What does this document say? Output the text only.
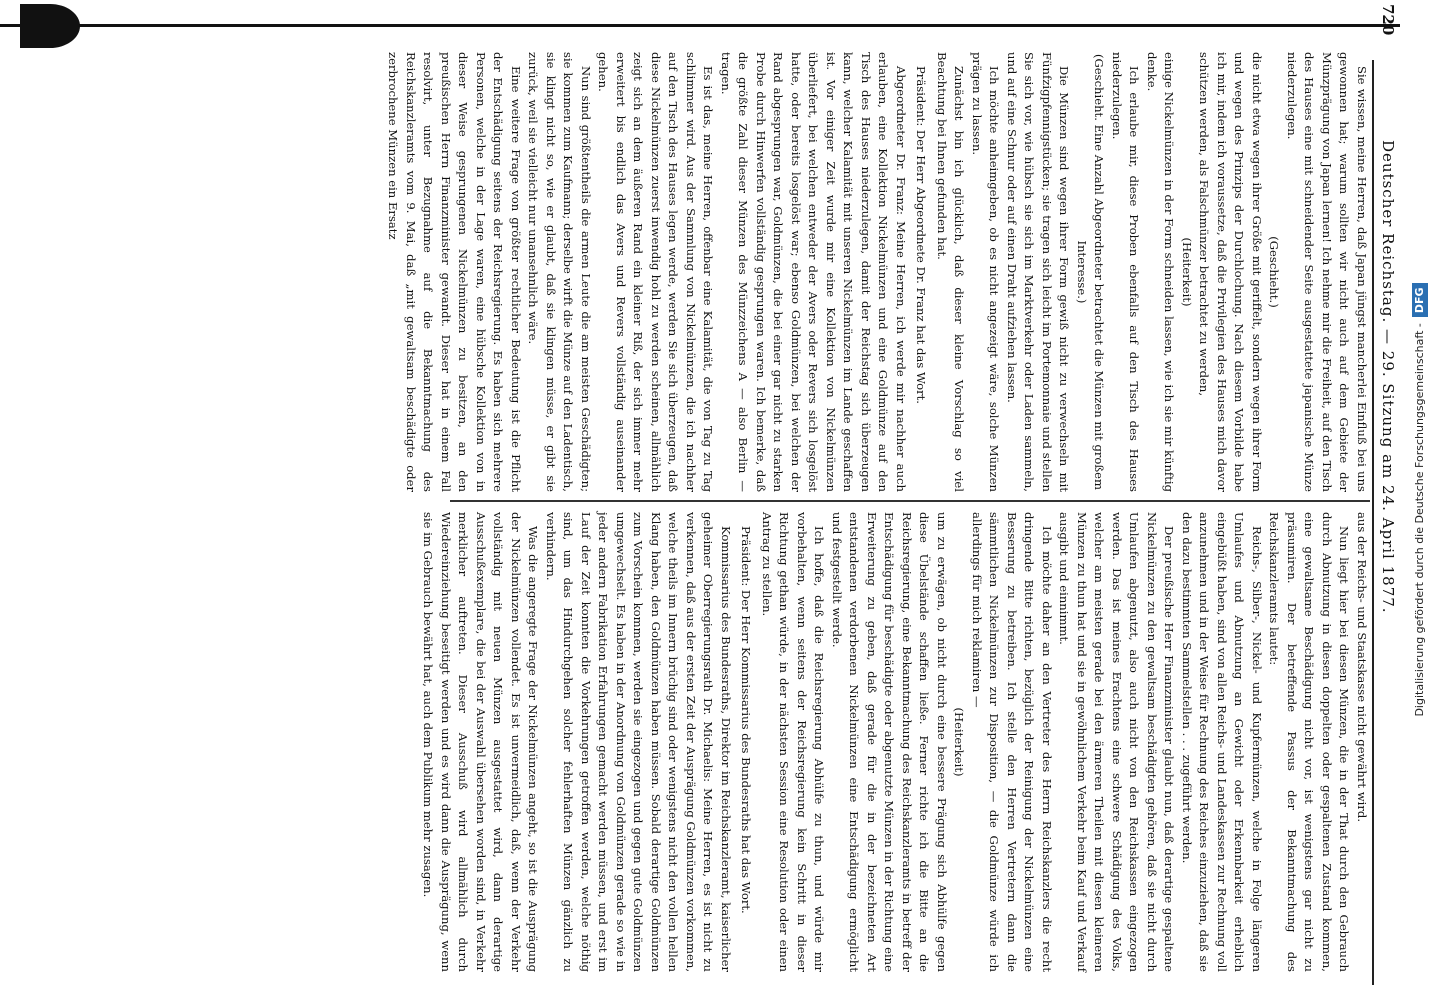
720
Deutscher Reichstag. — 29. Sitzung am 24. April 1877.

Sie wissen, meine Herren, daß Japan jüngst mancherlei Einfluß bei uns gewonnen hat; warum sollten wir nicht auch auf dem Gebiete der Münzprägung von Japan lernen! Ich nehme mir die Freiheit, auf den Tisch des Hauses eine mit schneidender Seite ausgestattete japanische Münze niederzulegen.

(Geschieht.)

die nicht etwa wegen ihrer Größe mit geriffelt, sondern wegen ihrer Form und wegen des Prinzips der Durchlochung. Nach diesem Vorbilde habe ich mir, indem ich voraussetze, daß die Privilegien des Hauses mich davor schützen werden, als Falschmünzer betrachtet zu werden,

(Heiterkeit)

einige Nickelmünzen in der Form schneiden lassen, wie ich sie mir künftig denke.

Ich erlaube mir, diese Proben ebenfalls auf den Tisch des Hauses niederzulegen.

(Geschieht. Eine Anzahl Abgeordneter betrachtet die Münzen mit großem Interesse.)

Die Münzen sind wegen ihrer Form gewiß nicht zu verwechseln mit Fünfzigpfennigstücken; sie tragen sich leicht im Portemonnaie und stellen Sie sich vor, wie hübsch sie sich im Marktverkehr oder Laden sammeln, und auf eine Schnur oder auf einen Draht aufziehen lassen.

Ich möchte anheimgeben, ob es nicht angezeigt wäre, solche Münzen prägen zu lassen.

Zunächst bin ich glücklich, daß dieser kleine Vorschlag so viel Beachtung bei Ihnen gefunden hat.

Präsident: Der Herr Abgeordnete Dr. Franz hat das Wort.

Abgeordneter Dr. Franz: Meine Herren, ich werde mir nachher auch erlauben, eine Kollektion Nickelmünzen und eine Goldmünze auf den Tisch des Hauses niederzulegen, damit der Reichstag sich überzeugen kann, welcher Kalamität mit unseren Nickelmünzen im Lande geschaffen ist. Vor einiger Zeit wurde mir eine Kollektion von Nickelmünzen überliefert, bei welchen entweder der Avers oder Revers sich losgelöst hatte, oder bereits losgelöst war; ebenso Goldmünzen, bei welchen der Rand abgesprungen war, Goldmünzen, die bei einer gar nicht zu starken Probe durch Hinwerfen vollständig gesprungen waren. Ich bemerke, daß die größte Zahl dieser Münzen des Münzzeichens A — also Berlin — tragen.

Es ist das, meine Herren, offenbar eine Kalamität, die von Tag zu Tag schlimmer wird. Aus der Sammlung von Nickelmünzen, die ich nachher auf den Tisch des Hauses legen werde, werden Sie sich überzeugen, daß diese Nickelmünzen zuerst inwendig hohl zu werden scheinen, allmählich zeigt sich an dem äußeren Rand ein kleiner Riß, der sich immer mehr erweitert bis endlich das Avers und Revers vollständig auseinander gehen.

Nun sind größtentheils die armen Leute die am meisten Geschädigten; sie kommen zum Kaufmann; derselbe wirft die Münze auf den Ladentisch, sie klingt nicht so, wie er glaubt, daß sie klingen müsse, er gibt sie zurück, weil sie vielleicht nur unansehnlich wäre.

Eine weitere Frage von größter rechtlicher Bedeutung ist die Pflicht der Entschädigung seitens der Reichsregierung. Es haben sich mehrere Personen, welche in der Lage waren, eine hübsche Kollektion von in dieser Weise gesprungenen Nickelmünzen zu besitzen, an den preußischen Herrn Finanzminister gewandt. Dieser hat in einem Fall resolvirt, unter Bezugnahme auf die Bekanntmachung des Reichskanzleramts vom 9. Mai, daß „mit gewaltsam beschädigte oder zerbrochene Münzen ein Ersatz

aus der Reichs- und Staatskasse nicht gewährt wird.

Nun liegt hier bei diesen Münzen, die in der That durch den Gebrauch durch Abnutzung in diesen doppelten oder gespaltenen Zustand kommen, eine gewaltsame Beschädigung nicht vor, ist wenigstens gar nicht zu präsumiren. Der betreffende Passus der Bekanntmachung des Reichskanzleramts lautet:

Reichs-, Silber-, Nickel- und Kupfermünzen, welche in Folge längeren Umlaufes und Abnutzung an Gewicht oder Erkennbarkeit erheblich eingebüßt haben, sind von allen Reichs- und Landeskassen zur Rechnung voll anzunehmen und in der Weise für Rechnung des Reiches einzuziehen, daß sie den dazu bestimmten Sammelstellen . . . zugeführt werden.

Der preußische Herr Finanzminister glaubt nun, daß derartige gespaltene Nickelmünzen zu den gewaltsam beschädigten gehören, daß sie nicht durch Umlaufen abgenutzt, also auch nicht von den Reichskassen eingezogen werden. Das ist meines Erachtens eine schwere Schädigung des Volks, welcher am meisten gerade bei den ärmeren Theilen mit diesen kleineren Münzen zu thun hat und sie in gewöhnlichem Verkehr beim Kauf und Verkauf ausgibt und einnimmt.

Ich möchte daher an den Vertreter des Herrn Reichskanzlers die recht dringende Bitte richten, bezüglich der Reinigung der Nickelmünzen eine Besserung zu betreiben. Ich stelle den Herren Vertretern dann die sämmtlichen Nickelmünzen zur Disposition, — die Goldmünze würde ich allerdings für mich reklamiren —

(Heiterkeit)

um zu erwägen, ob nicht durch eine bessere Prägung sich Abhülfe gegen diese Übelstände schaffen ließe. Ferner richte ich die Bitte an die Reichsregierung, eine Bekanntmachung des Reichskanzleramts in betreff der Entschädigung für beschädigte oder abgenutzte Münzen in der Richtung eine Erweiterung zu geben, daß gerade für die in der bezeichneten Art entstandenen verdorbenen Nickelmünzen eine Entschädigung ermöglicht und festgestellt werde.

Ich hoffe, daß die Reichsregierung Abhülfe zu thun, und würde mir vorbehalten, wenn seitens der Reichsregierung kein Schritt in dieser Richtung gethan würde, in der nächsten Session eine Resolution oder einen Antrag zu stellen.

Präsident: Der Herr Kommissarius des Bundesraths hat das Wort.

Kommissarius des Bundesraths, Direktor im Reichskanzleramt, kaiserlicher geheimer Oberregierungsrath Dr. Michaelis: Meine Herren, es ist nicht zu verkennen, daß aus der ersten Zeit der Ausprägung Goldmünzen vorkommen, welche theils im Innern brüchig sind oder wenigstens nicht den vollen hellen Klang haben, den Goldmünzen haben müssen. Sobald derartige Goldmünzen zum Vorschein kommen, werden sie eingezogen und gegen gute Goldmünzen umgewechselt. Es haben in der Anordnung von Goldmünzen gerade so wie in jeder andern Fabrikation Erfahrungen gemacht werden müssen, und erst im Lauf der Zeit konnten die Vorkehrungen getroffen werden, welche nöthig sind, um das Hindurchgehen solcher fehlerhaften Münzen gänzlich zu verhindern.

Was die angeregte Frage der Nickelmünzen angeht, so ist die Ausprägung der Nickelmünzen vollendet. Es ist unvermeidlich, daß, wenn der Verkehr vollständig mit neuen Münzen ausgestattet wird, dann derartige Ausschußexemplare, die bei der Auswahl übersehen worden sind, in Verkehr merklicher auftreten. Dieser Ausschuß wird allmählich durch Wiedereinziehung beseitigt werden und es wird dann die Ausprägung, wenn sie im Gebrauch bewährt hat, auch dem Publikum mehr zusagen.	Digitalisierung gefördert durch die Deutsche Forschungsgemeinschaft -DFG
